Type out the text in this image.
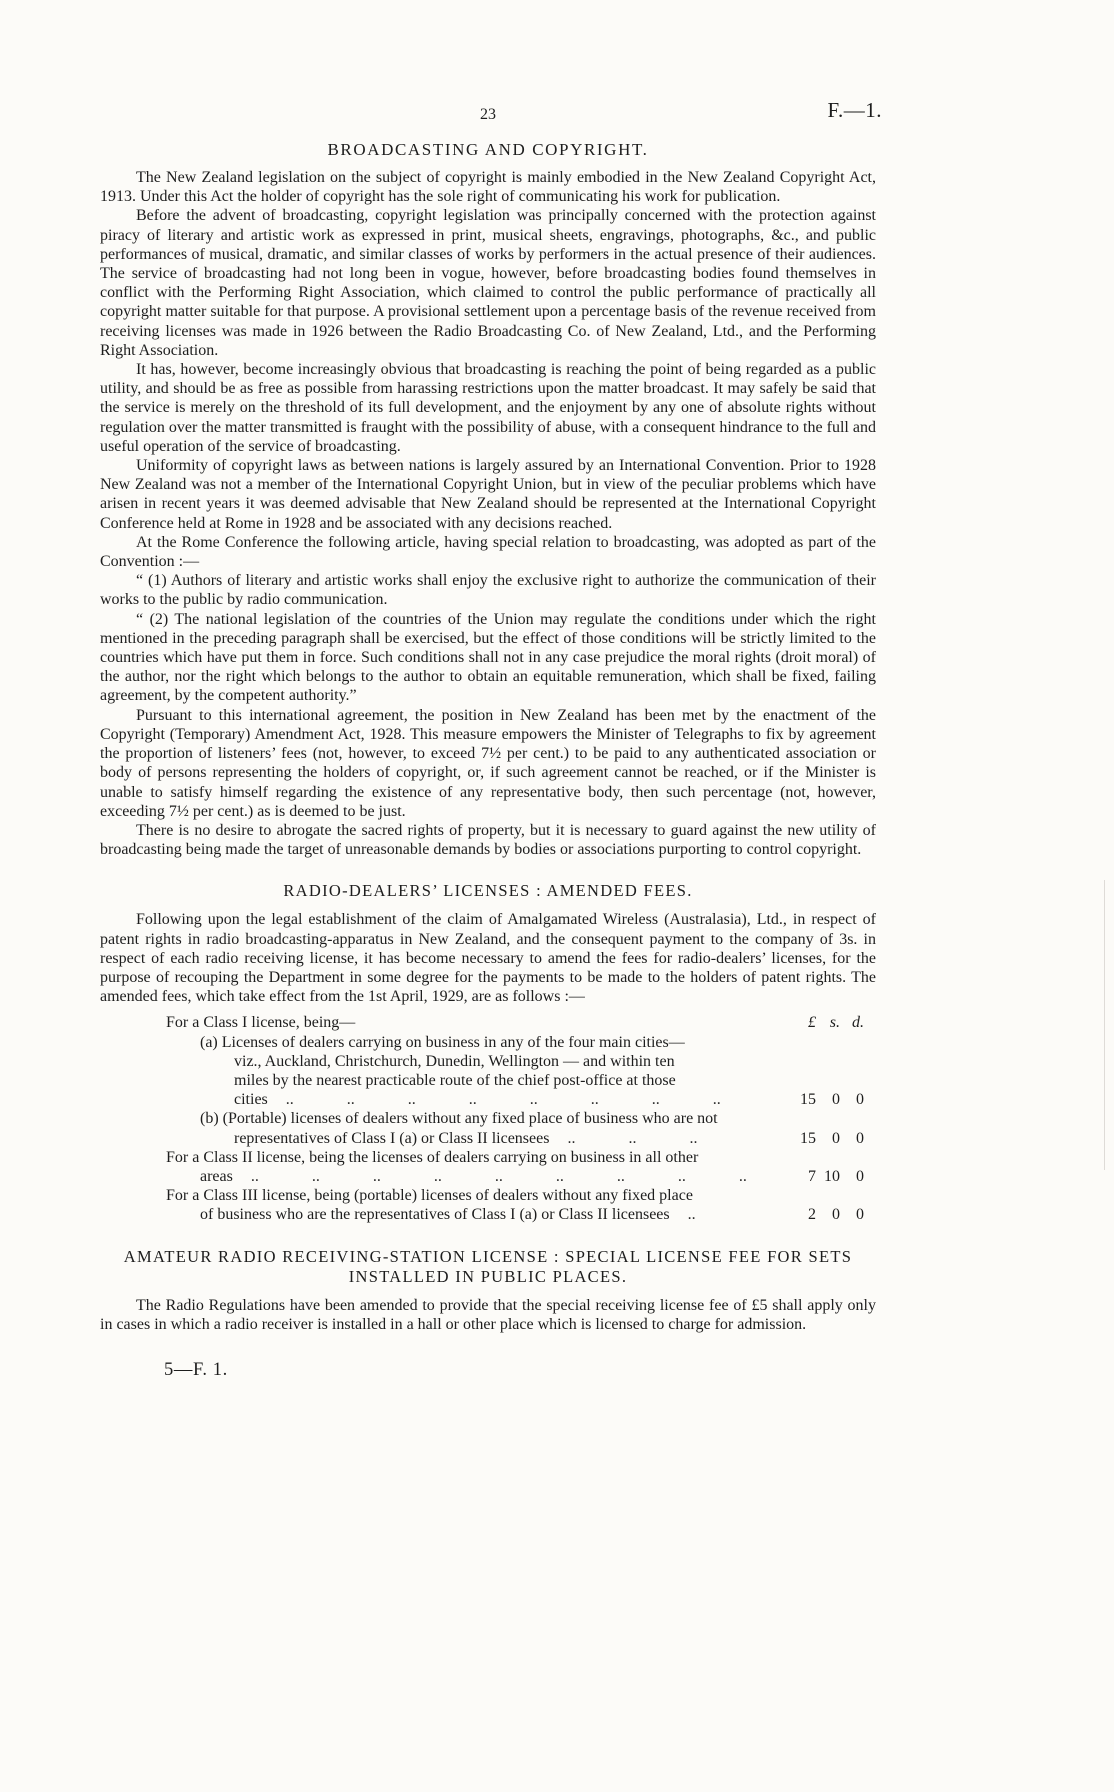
23	F.—1.
BROADCASTING AND COPYRIGHT.

The New Zealand legislation on the subject of copyright is mainly embodied in the New Zealand Copyright Act, 1913. Under this Act the holder of copyright has the sole right of communicating his work for publication.

Before the advent of broadcasting, copyright legislation was principally concerned with the protection against piracy of literary and artistic work as expressed in print, musical sheets, engravings, photographs, &c., and public performances of musical, dramatic, and similar classes of works by performers in the actual presence of their audiences. The service of broadcasting had not long been in vogue, however, before broadcasting bodies found themselves in conflict with the Performing Right Association, which claimed to control the public performance of practically all copyright matter suitable for that purpose. A provisional settlement upon a percentage basis of the revenue received from receiving licenses was made in 1926 between the Radio Broadcasting Co. of New Zealand, Ltd., and the Performing Right Association.

It has, however, become increasingly obvious that broadcasting is reaching the point of being regarded as a public utility, and should be as free as possible from harassing restrictions upon the matter broadcast. It may safely be said that the service is merely on the threshold of its full development, and the enjoyment by any one of absolute rights without regulation over the matter transmitted is fraught with the possibility of abuse, with a consequent hindrance to the full and useful operation of the service of broadcasting.

Uniformity of copyright laws as between nations is largely assured by an International Convention. Prior to 1928 New Zealand was not a member of the International Copyright Union, but in view of the peculiar problems which have arisen in recent years it was deemed advisable that New Zealand should be represented at the International Copyright Conference held at Rome in 1928 and be associated with any decisions reached.

At the Rome Conference the following article, having special relation to broadcasting, was adopted as part of the Convention :—

“ (1) Authors of literary and artistic works shall enjoy the exclusive right to authorize the communication of their works to the public by radio communication.

“ (2) The national legislation of the countries of the Union may regulate the conditions under which the right mentioned in the preceding paragraph shall be exercised, but the effect of those conditions will be strictly limited to the countries which have put them in force. Such conditions shall not in any case prejudice the moral rights (droit moral) of the author, nor the right which belongs to the author to obtain an equitable remuneration, which shall be fixed, failing agreement, by the competent authority.”

Pursuant to this international agreement, the position in New Zealand has been met by the enactment of the Copyright (Temporary) Amendment Act, 1928. This measure empowers the Minister of Telegraphs to fix by agreement the proportion of listeners’ fees (not, however, to exceed 7½ per cent.) to be paid to any authenticated association or body of persons representing the holders of copyright, or, if such agreement cannot be reached, or if the Minister is unable to satisfy himself regarding the existence of any representative body, then such percentage (not, however, exceeding 7½ per cent.) as is deemed to be just.

There is no desire to abrogate the sacred rights of property, but it is necessary to guard against the new utility of broadcasting being made the target of unreasonable demands by bodies or associations purporting to control copyright.

RADIO-DEALERS’ LICENSES : AMENDED FEES.

Following upon the legal establishment of the claim of Amalgamated Wireless (Australasia), Ltd., in respect of patent rights in radio broadcasting-apparatus in New Zealand, and the consequent payment to the company of 3s. in respect of each radio receiving license, it has become necessary to amend the fees for radio-dealers’ licenses, for the purpose of recouping the Department in some degree for the payments to be made to the holders of patent rights. The amended fees, which take effect from the 1st April, 1929, are as follows :—

For a Class I license, being—	£ s. d.
(a) Licenses of dealers carrying on business in any of the four main cities—
viz., Auckland, Christchurch, Dunedin, Wellington — and within ten
miles by the nearest practicable route of the chief post-office at those
cities	.. .. .. .. .. .. .. ..	15	0	0
(b) (Portable) licenses of dealers without any fixed place of business who are not
representatives of Class I (a) or Class II licensees	.. .. ..	15	0	0
For a Class II license, being the licenses of dealers carrying on business in all other
areas	.. .. .. .. .. .. .. .. ..	7 10	0
For a Class III license, being (portable) licenses of dealers without any fixed place
of business who are the representatives of Class I (a) or Class II licensees	..	2	0	0
AMATEUR RADIO RECEIVING-STATION LICENSE : SPECIAL LICENSE FEE FOR SETS
INSTALLED IN PUBLIC PLACES.

The Radio Regulations have been amended to provide that the special receiving license fee of £5 shall apply only in cases in which a radio receiver is installed in a hall or other place which is licensed to charge for admission.

5—F. 1.
